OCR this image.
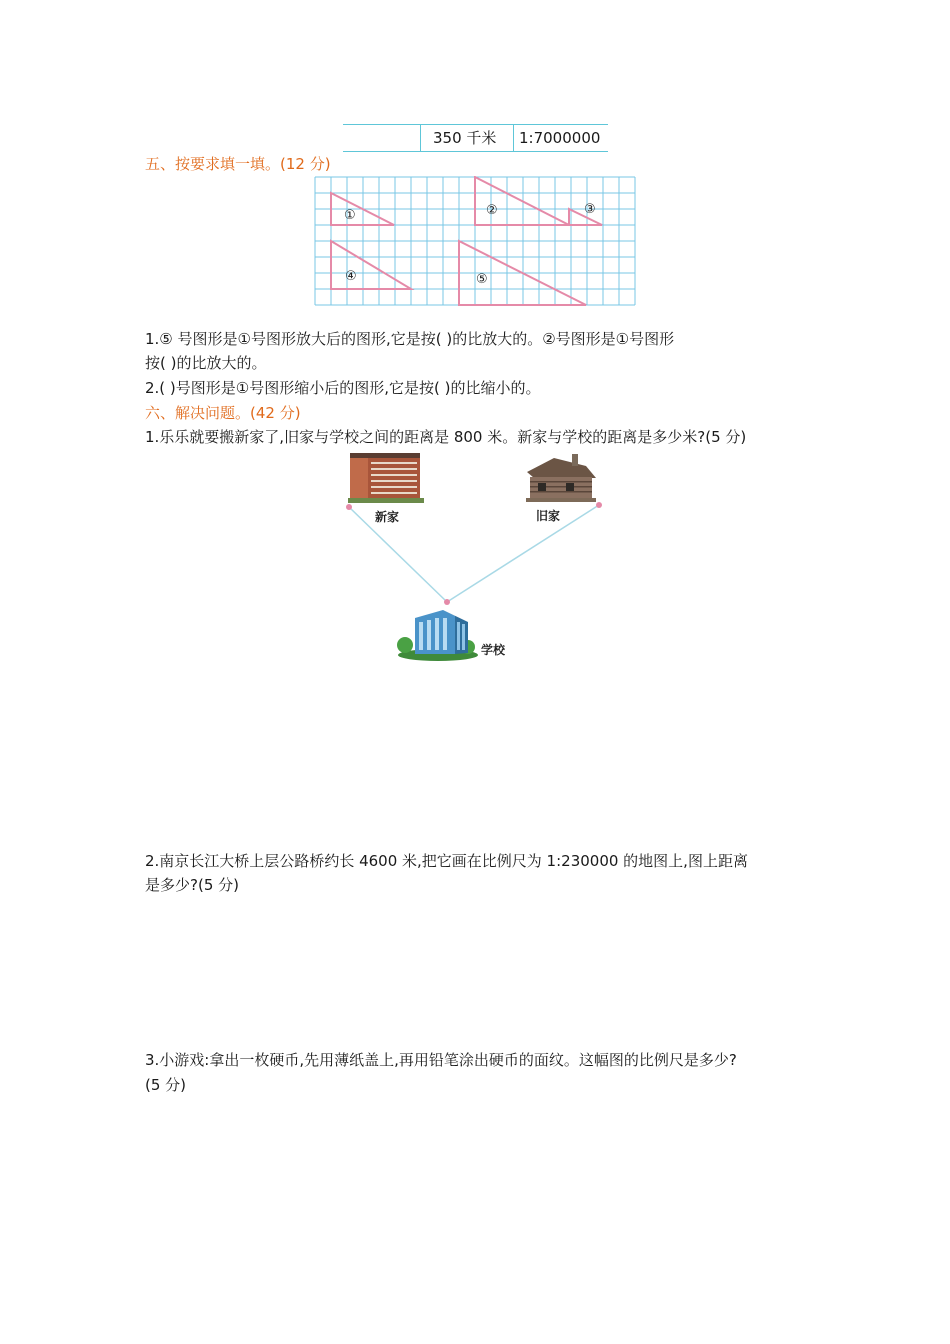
350 千米 1:7000000
五、按要求填一填。(12 分)
①	②	③
④	⑤
1.⑤ 号图形是①号图形放大后的图形,它是按( )的比放大的。②号图形是①号图形
按( )的比放大的。
2.( )号图形是①号图形缩小后的图形,它是按( )的比缩小的。
六、解决问题。(42 分)
1.乐乐就要搬新家了,旧家与学校之间的距离是 800 米。新家与学校的距离是多少米?(5 分)
新家	旧家
学校
2.南京长江大桥上层公路桥约长 4600 米,把它画在比例尺为 1:230000 的地图上,图上距离
是多少?(5 分)
3.小游戏:拿出一枚硬币,先用薄纸盖上,再用铅笔涂出硬币的面纹。这幅图的比例尺是多少?
(5 分)
